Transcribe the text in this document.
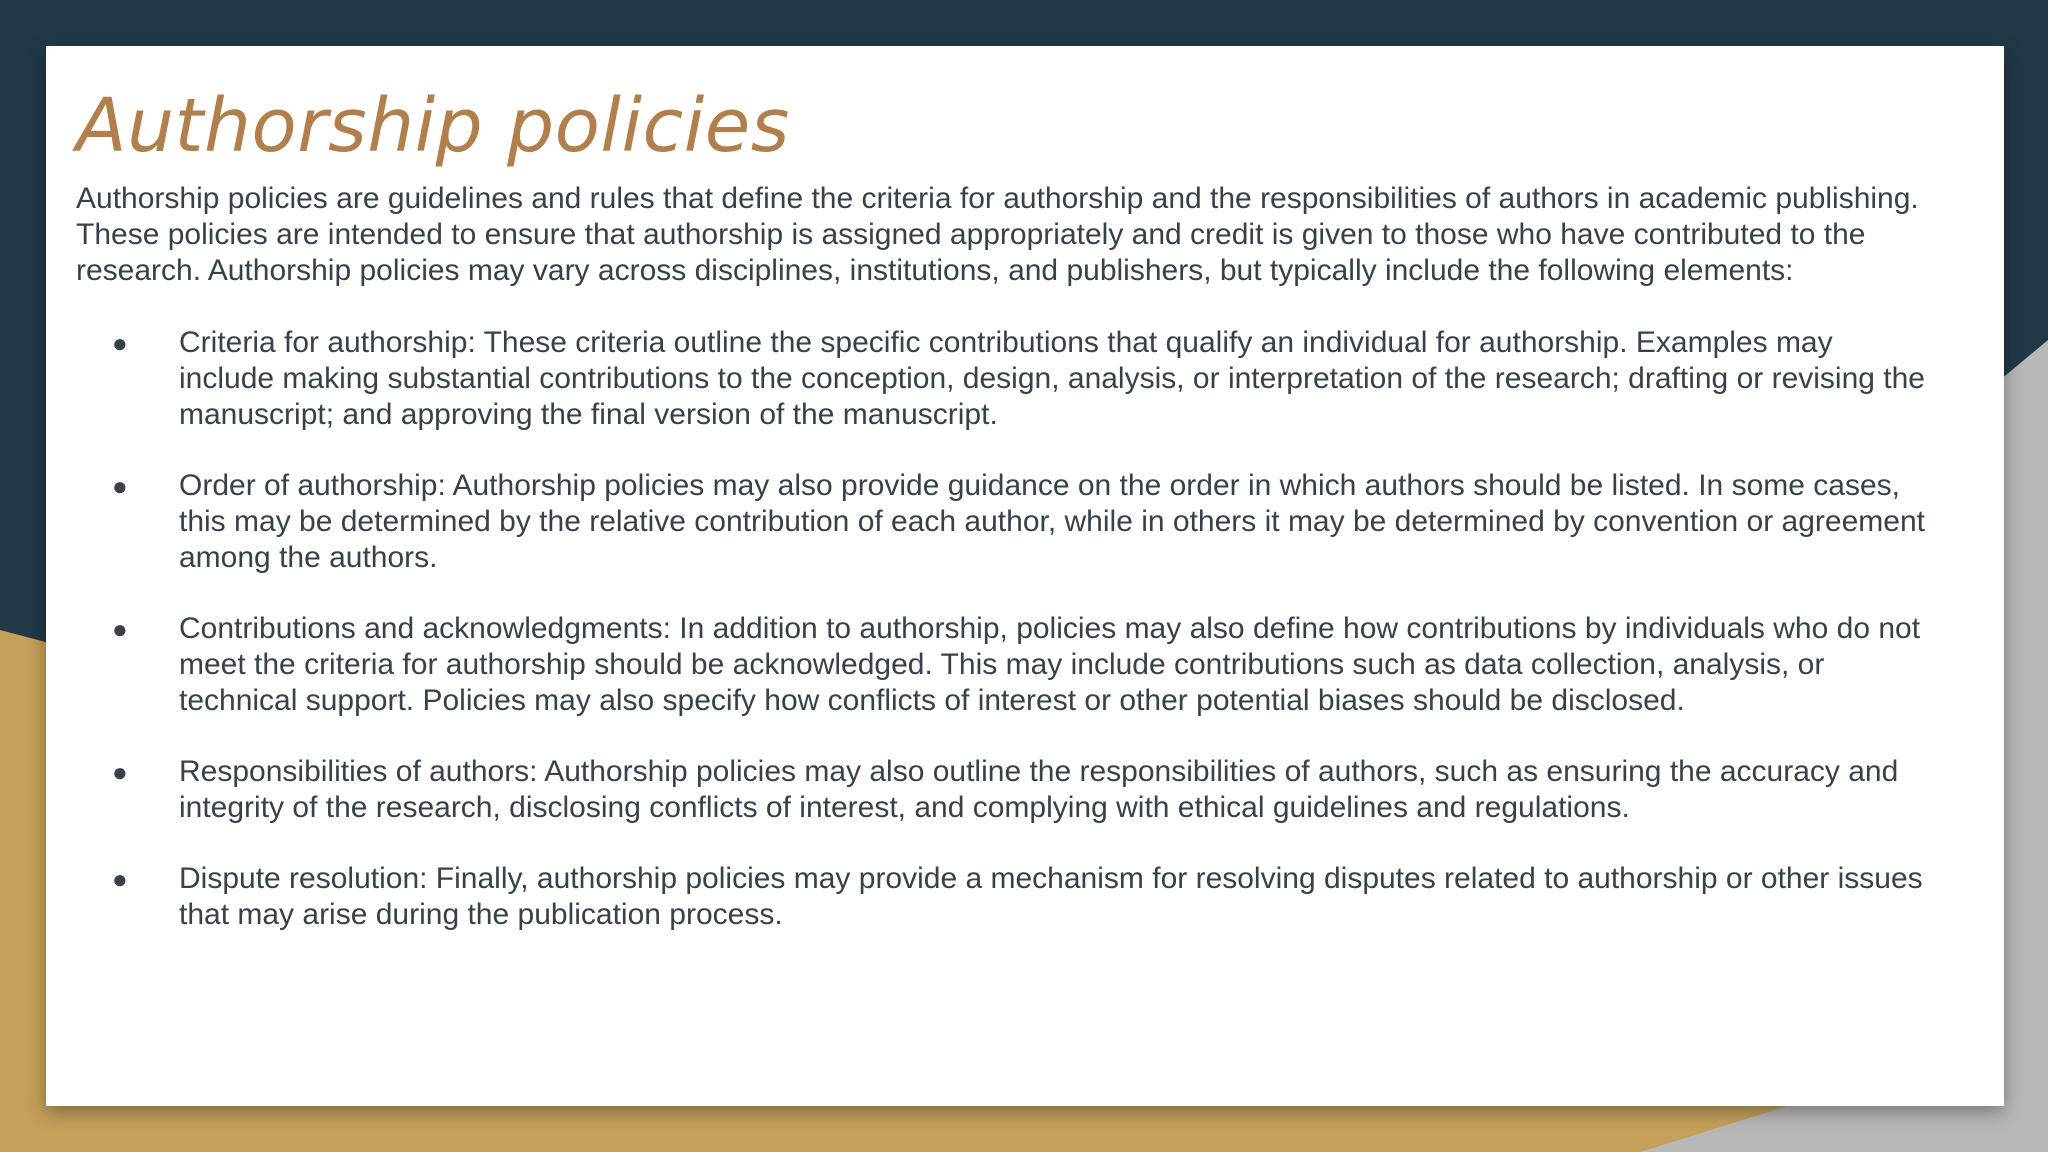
Authorship policies

Authorship policies are guidelines and rules that define the criteria for authorship and the responsibilities of authors in academic publishing. These policies are intended to ensure that authorship is assigned appropriately and credit is given to those who have contributed to the research. Authorship policies may vary across disciplines, institutions, and publishers, but typically include the following elements:

● Criteria for authorship: These criteria outline the specific contributions that qualify an individual for authorship. Examples may include making substantial contributions to the conception, design, analysis, or interpretation of the research; drafting or revising the manuscript; and approving the final version of the manuscript.
● Order of authorship: Authorship policies may also provide guidance on the order in which authors should be listed. In some cases, this may be determined by the relative contribution of each author, while in others it may be determined by convention or agreement among the authors.
● Contributions and acknowledgments: In addition to authorship, policies may also define how contributions by individuals who do not meet the criteria for authorship should be acknowledged. This may include contributions such as data collection, analysis, or technical support. Policies may also specify how conflicts of interest or other potential biases should be disclosed.
● Responsibilities of authors: Authorship policies may also outline the responsibilities of authors, such as ensuring the accuracy and integrity of the research, disclosing conflicts of interest, and complying with ethical guidelines and regulations.
● Dispute resolution: Finally, authorship policies may provide a mechanism for resolving disputes related to authorship or other issues that may arise during the publication process.
